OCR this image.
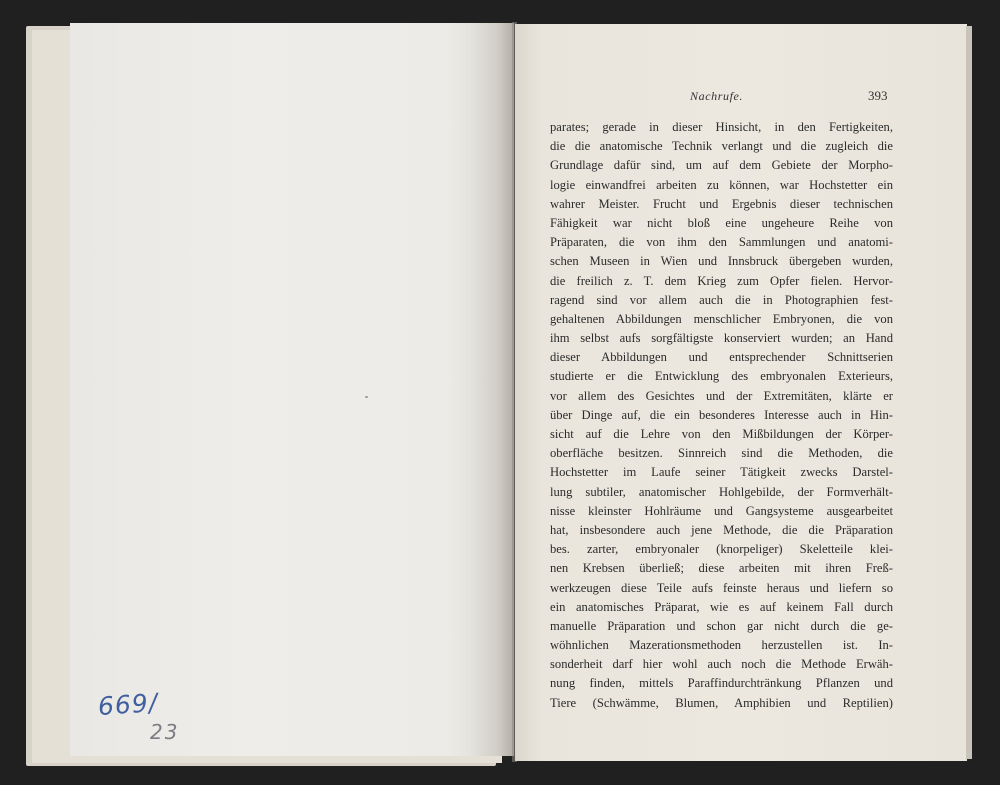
669/
23
Nachrufe.	393
parates; gerade in dieser Hinsicht, in den Fertigkeiten,
die die anatomische Technik verlangt und die zugleich die
Grundlage dafür sind, um auf dem Gebiete der Morpho-
logie einwandfrei arbeiten zu können, war Hochstetter ein
wahrer Meister. Frucht und Ergebnis dieser technischen
Fähigkeit war nicht bloß eine ungeheure Reihe von
Präparaten, die von ihm den Sammlungen und anatomi-
schen Museen in Wien und Innsbruck übergeben wurden,
die freilich z. T. dem Krieg zum Opfer fielen. Hervor-
ragend sind vor allem auch die in Photographien fest-
gehaltenen Abbildungen menschlicher Embryonen, die von
ihm selbst aufs sorgfältigste konserviert wurden; an Hand
dieser Abbildungen und entsprechender Schnittserien
studierte er die Entwicklung des embryonalen Exterieurs,
vor allem des Gesichtes und der Extremitäten, klärte er
über Dinge auf, die ein besonderes Interesse auch in Hin-
sicht auf die Lehre von den Mißbildungen der Körper-
oberfläche besitzen. Sinnreich sind die Methoden, die
Hochstetter im Laufe seiner Tätigkeit zwecks Darstel-
lung subtiler, anatomischer Hohlgebilde, der Formverhält-
nisse kleinster Hohlräume und Gangsysteme ausgearbeitet
hat, insbesondere auch jene Methode, die die Präparation
bes. zarter, embryonaler (knorpeliger) Skeletteile klei-
nen Krebsen überließ; diese arbeiten mit ihren Freß-
werkzeugen diese Teile aufs feinste heraus und liefern so
ein anatomisches Präparat, wie es auf keinem Fall durch
manuelle Präparation und schon gar nicht durch die ge-
wöhnlichen Mazerationsmethoden herzustellen ist. In-
sonderheit darf hier wohl auch noch die Methode Erwäh-
nung finden, mittels Paraffindurchtränkung Pflanzen und
Tiere (Schwämme, Blumen, Amphibien und Reptilien)
